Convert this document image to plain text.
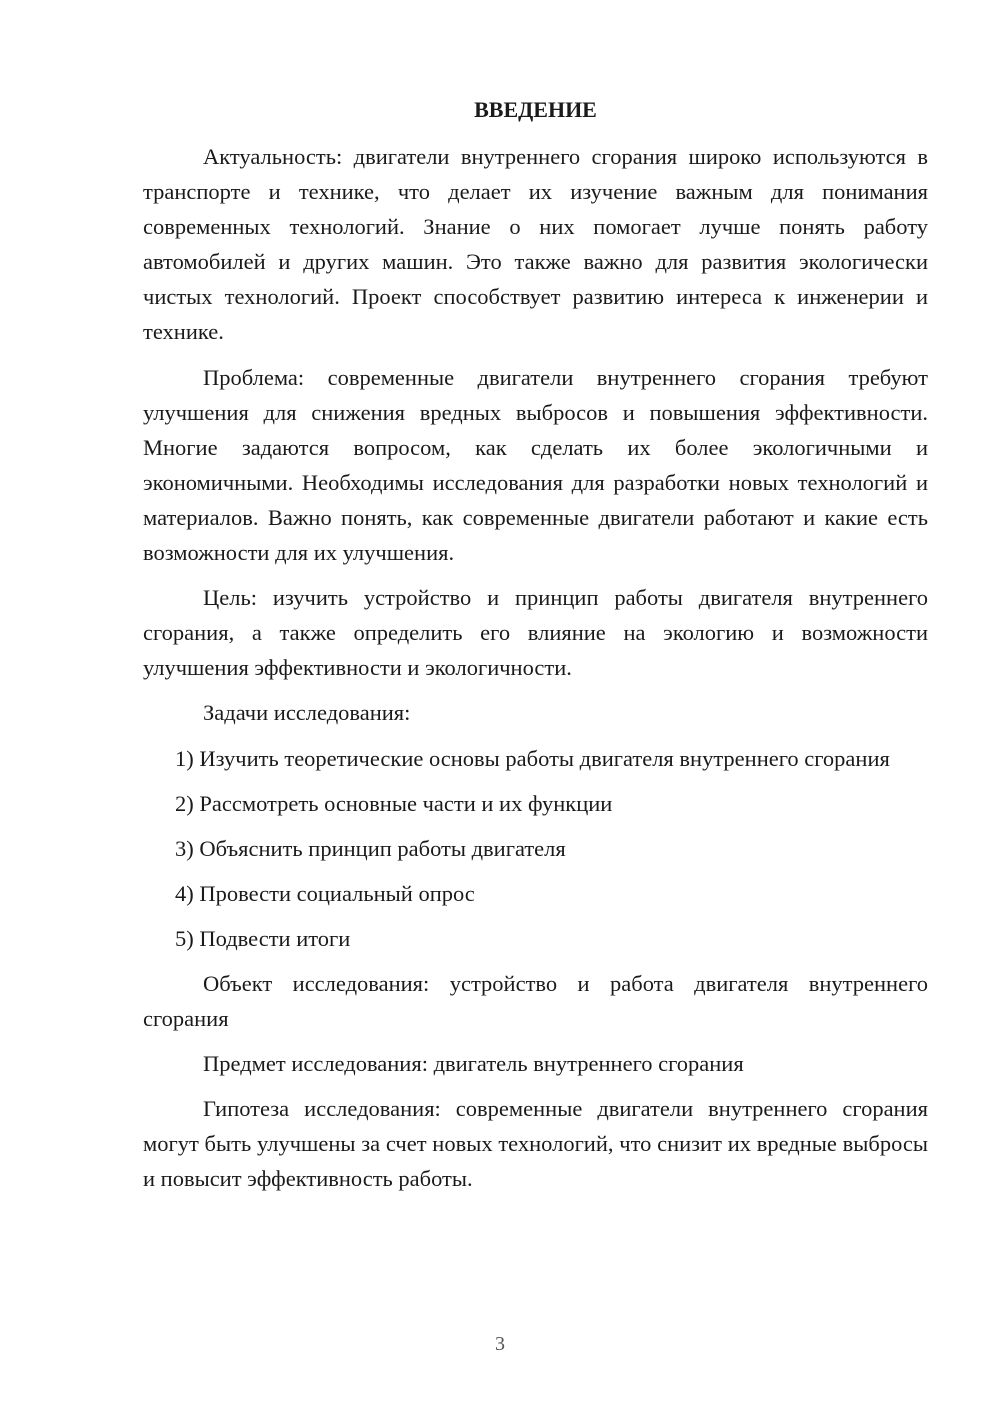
ВВЕДЕНИЕ

Актуальность: двигатели внутреннего сгорания широко используются в транспорте и технике, что делает их изучение важным для понимания современных технологий. Знание о них помогает лучше понять работу автомобилей и других машин. Это также важно для развития экологически чистых технологий. Проект способствует развитию интереса к инженерии и технике.

Проблема: современные двигатели внутреннего сгорания требуют улучшения для снижения вредных выбросов и повышения эффективности. Многие задаются вопросом, как сделать их более экологичными и экономичными. Необходимы исследования для разработки новых технологий и материалов. Важно понять, как современные двигатели работают и какие есть возможности для их улучшения.

Цель: изучить устройство и принцип работы двигателя внутреннего сгорания, а также определить его влияние на экологию и возможности улучшения эффективности и экологичности.

Задачи исследования:

1) Изучить теоретические основы работы двигателя внутреннего сгорания

2) Рассмотреть основные части и их функции

3) Объяснить принцип работы двигателя

4) Провести социальный опрос

5) Подвести итоги

Объект исследования: устройство и работа двигателя внутреннего сгорания

Предмет исследования: двигатель внутреннего сгорания

Гипотеза исследования: современные двигатели внутреннего сгорания могут быть улучшены за счет новых технологий, что снизит их вредные выбросы и повысит эффективность работы.

3
